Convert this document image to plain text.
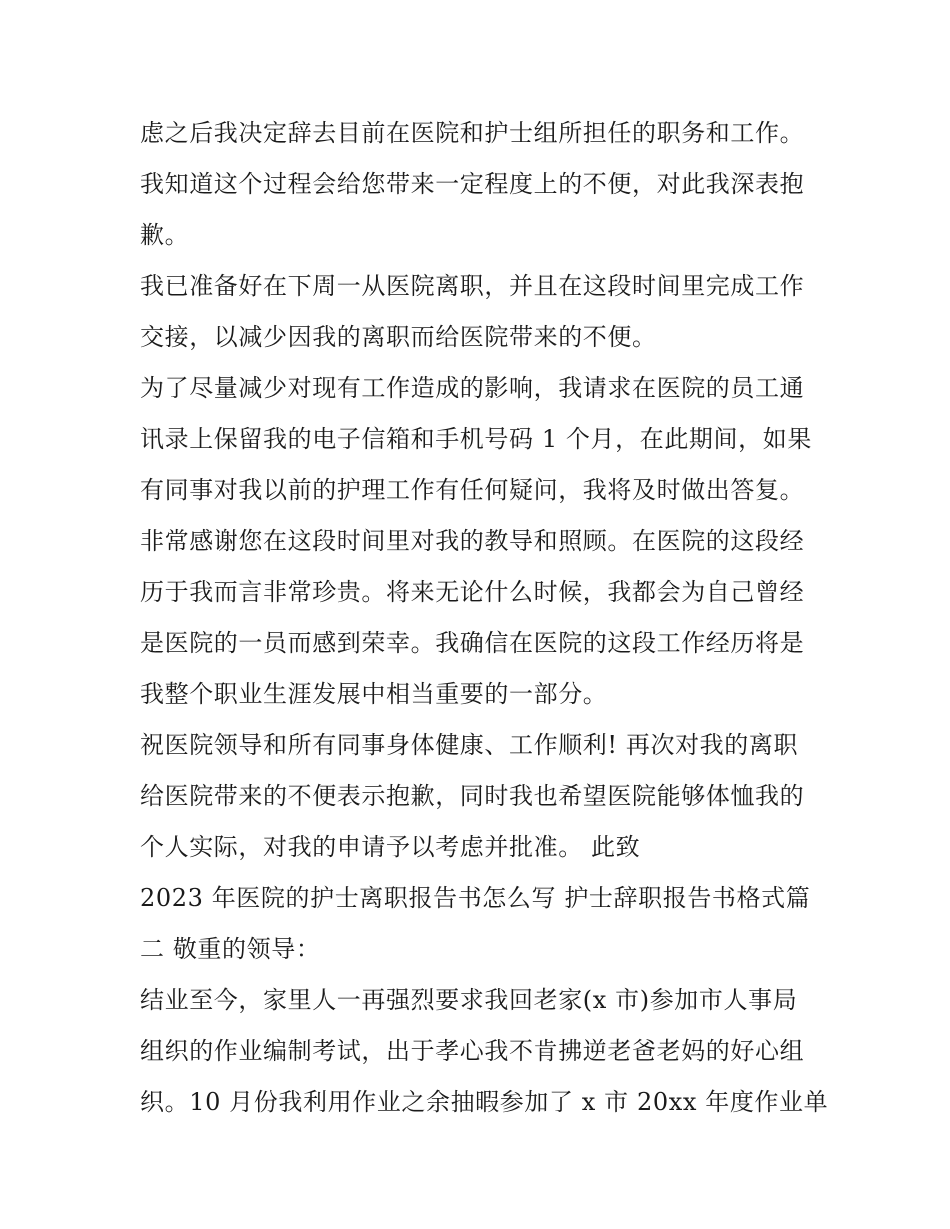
虑之后我决定辞去目前在医院和护士组所担任的职务和工作。
我知道这个过程会给您带来一定程度上的不便，对此我深表抱
歉。
我已准备好在下周一从医院离职，并且在这段时间里完成工作
交接，以减少因我的离职而给医院带来的不便。
为了尽量减少对现有工作造成的影响，我请求在医院的员工通
讯录上保留我的电子信箱和手机号码 1 个月，在此期间，如果
有同事对我以前的护理工作有任何疑问，我将及时做出答复。
非常感谢您在这段时间里对我的教导和照顾。在医院的这段经
历于我而言非常珍贵。将来无论什么时候，我都会为自己曾经
是医院的一员而感到荣幸。我确信在医院的这段工作经历将是
我整个职业生涯发展中相当重要的一部分。
祝医院领导和所有同事身体健康、工作顺利! 再次对我的离职
给医院带来的不便表示抱歉，同时我也希望医院能够体恤我的
个人实际，对我的申请予以考虑并批准。 此致
2023 年医院的护士离职报告书怎么写 护士辞职报告书格式篇
二 敬重的领导：
结业至今，家里人一再强烈要求我回老家(x 市)参加市人事局
组织的作业编制考试，出于孝心我不肯拂逆老爸老妈的好心组
织。10 月份我利用作业之余抽暇参加了 x 市 20xx 年度作业单
